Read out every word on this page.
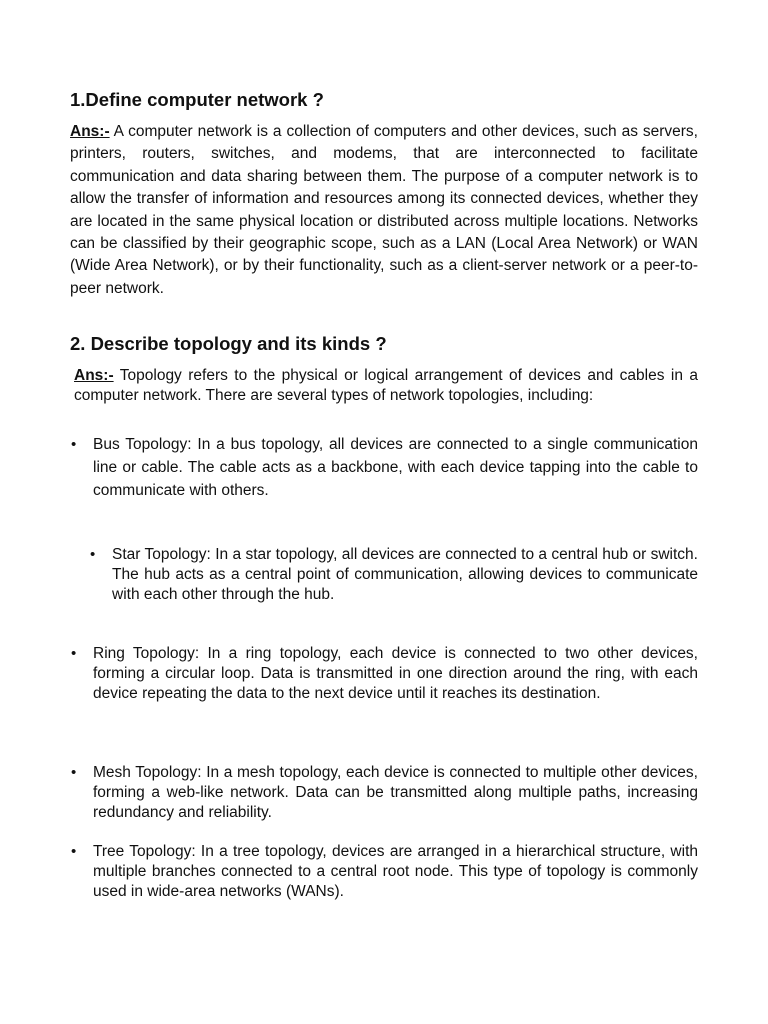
1.Define computer network ?

Ans:- A computer network is a collection of computers and other devices, such as servers, printers, routers, switches, and modems, that are interconnected to facilitate communication and data sharing between them. The purpose of a computer network is to allow the transfer of information and resources among its connected devices, whether they are located in the same physical location or distributed across multiple locations. Networks can be classified by their geographic scope, such as a LAN (Local Area Network) or WAN (Wide Area Network), or by their functionality, such as a client-server network or a peer-to-peer network.

2. Describe topology and its kinds ?

Ans:- Topology refers to the physical or logical arrangement of devices and cables in a computer network. There are several types of network topologies, including:

• Bus Topology: In a bus topology, all devices are connected to a single communication line or cable. The cable acts as a backbone, with each device tapping into the cable to communicate with others.

• Star Topology: In a star topology, all devices are connected to a central hub or switch. The hub acts as a central point of communication, allowing devices to communicate with each other through the hub.

• Ring Topology: In a ring topology, each device is connected to two other devices, forming a circular loop. Data is transmitted in one direction around the ring, with each device repeating the data to the next device until it reaches its destination.

• Mesh Topology: In a mesh topology, each device is connected to multiple other devices, forming a web-like network. Data can be transmitted along multiple paths, increasing redundancy and reliability.

• Tree Topology: In a tree topology, devices are arranged in a hierarchical structure, with multiple branches connected to a central root node. This type of topology is commonly used in wide-area networks (WANs).
